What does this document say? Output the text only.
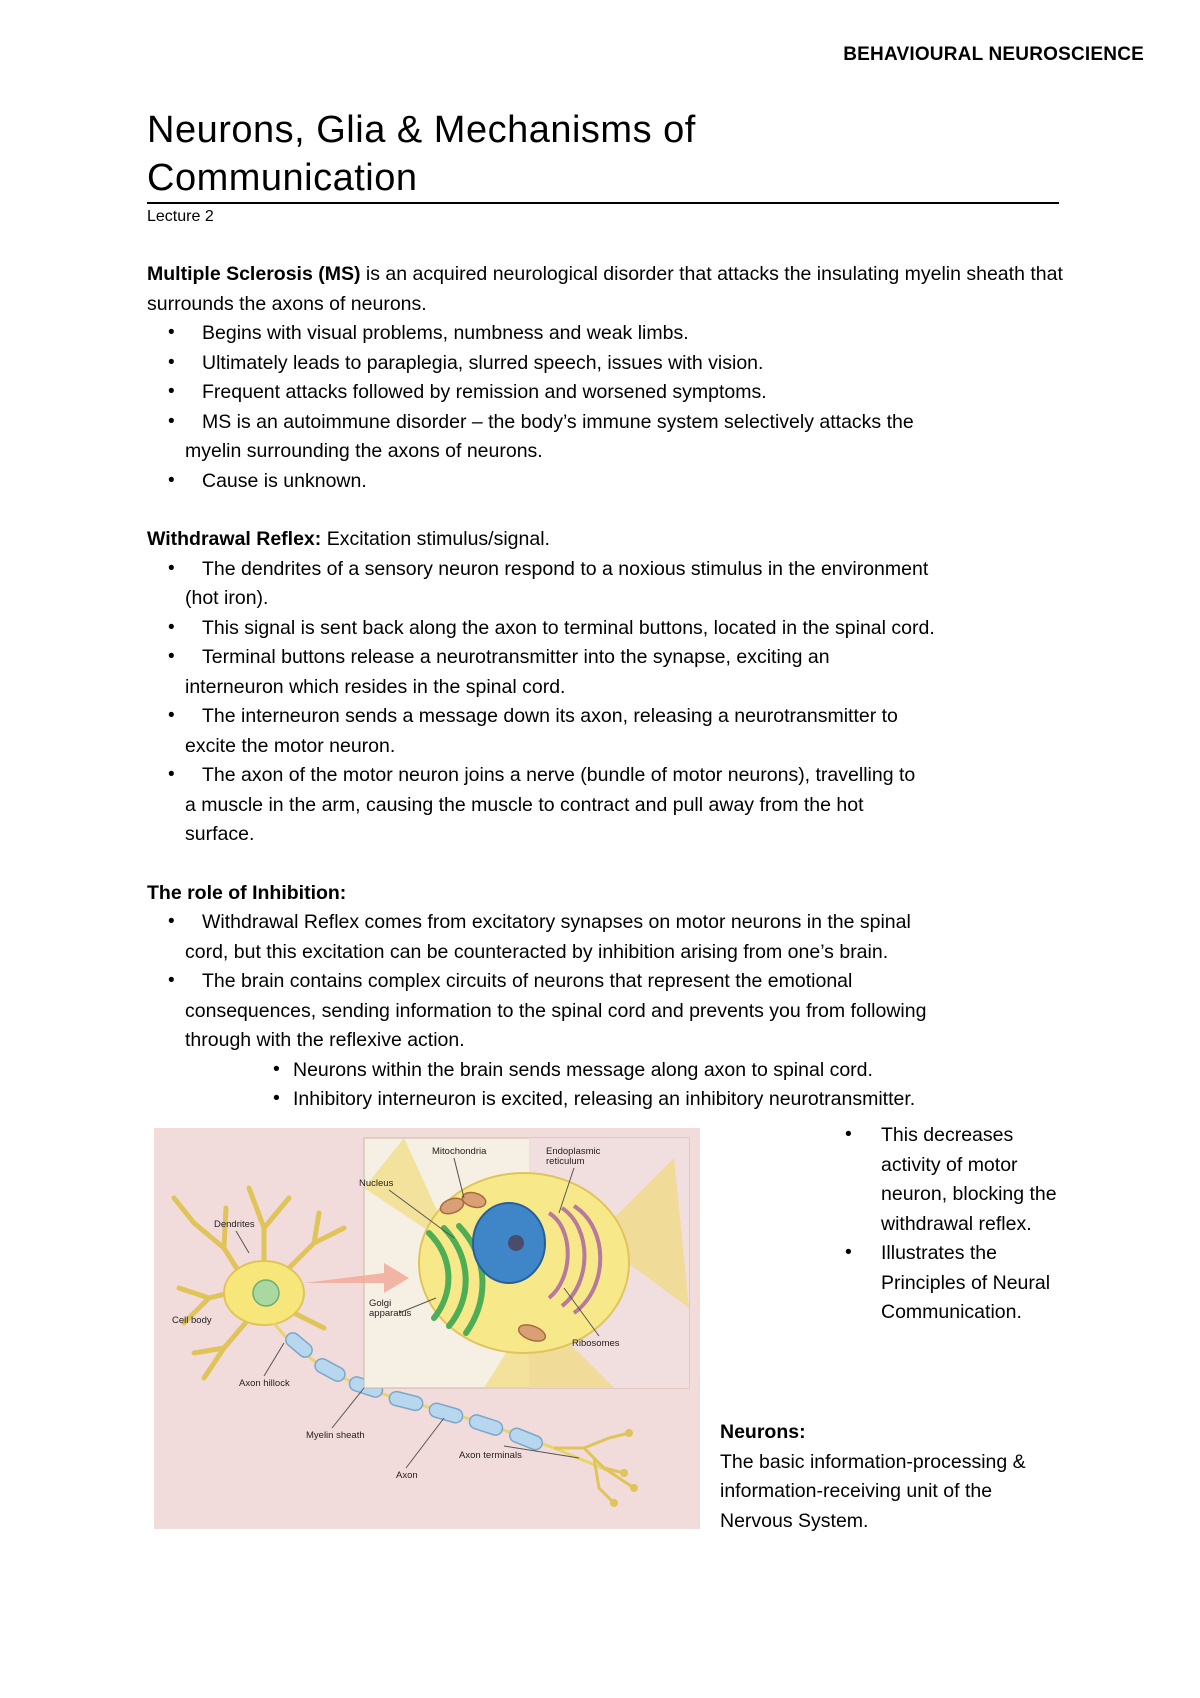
BEHAVIOURAL NEUROSCIENCE
Neurons, Glia & Mechanisms of
Communication
Lecture 2

Multiple Sclerosis (MS) is an acquired neurological disorder that attacks the insulating myelin sheath that surrounds the axons of neurons.

• Begins with visual problems, numbness and weak limbs.
• Ultimately leads to paraplegia, slurred speech, issues with vision.
• Frequent attacks followed by remission and worsened symptoms.
• MS is an autoimmune disorder – the body’s immune system selectively attacks the
myelin surrounding the axons of neurons.
• Cause is unknown.

Withdrawal Reflex: Excitation stimulus/signal.

• The dendrites of a sensory neuron respond to a noxious stimulus in the environment
(hot iron).
• This signal is sent back along the axon to terminal buttons, located in the spinal cord.
• Terminal buttons release a neurotransmitter into the synapse, exciting an
interneuron which resides in the spinal cord.
• The interneuron sends a message down its axon, releasing a neurotransmitter to
excite the motor neuron.
• The axon of the motor neuron joins a nerve (bundle of motor neurons), travelling to
a muscle in the arm, causing the muscle to contract and pull away from the hot
surface.

The role of Inhibition:

• Withdrawal Reflex comes from excitatory synapses on motor neurons in the spinal
cord, but this excitation can be counteracted by inhibition arising from one’s brain.
• The brain contains complex circuits of neurons that represent the emotional
consequences, sending information to the spinal cord and prevents you from following
through with the reflexive action.
• Neurons within the brain sends message along axon to spinal cord.
• Inhibitory interneuron is excited, releasing an inhibitory neurotransmitter.
Dendrites
Cell body
Axon hillock
Myelin sheath
Axon
Axon terminals
Mitochondria	Endoplasmic
reticulum
Nucleus
Golgi
apparatus
Ribosomes
• This decreases activity of motor neuron, blocking the withdrawal reflex.
• Illustrates the Principles of Neural Communication.

Neurons:

The basic information-processing & information-receiving unit of the Nervous System.
